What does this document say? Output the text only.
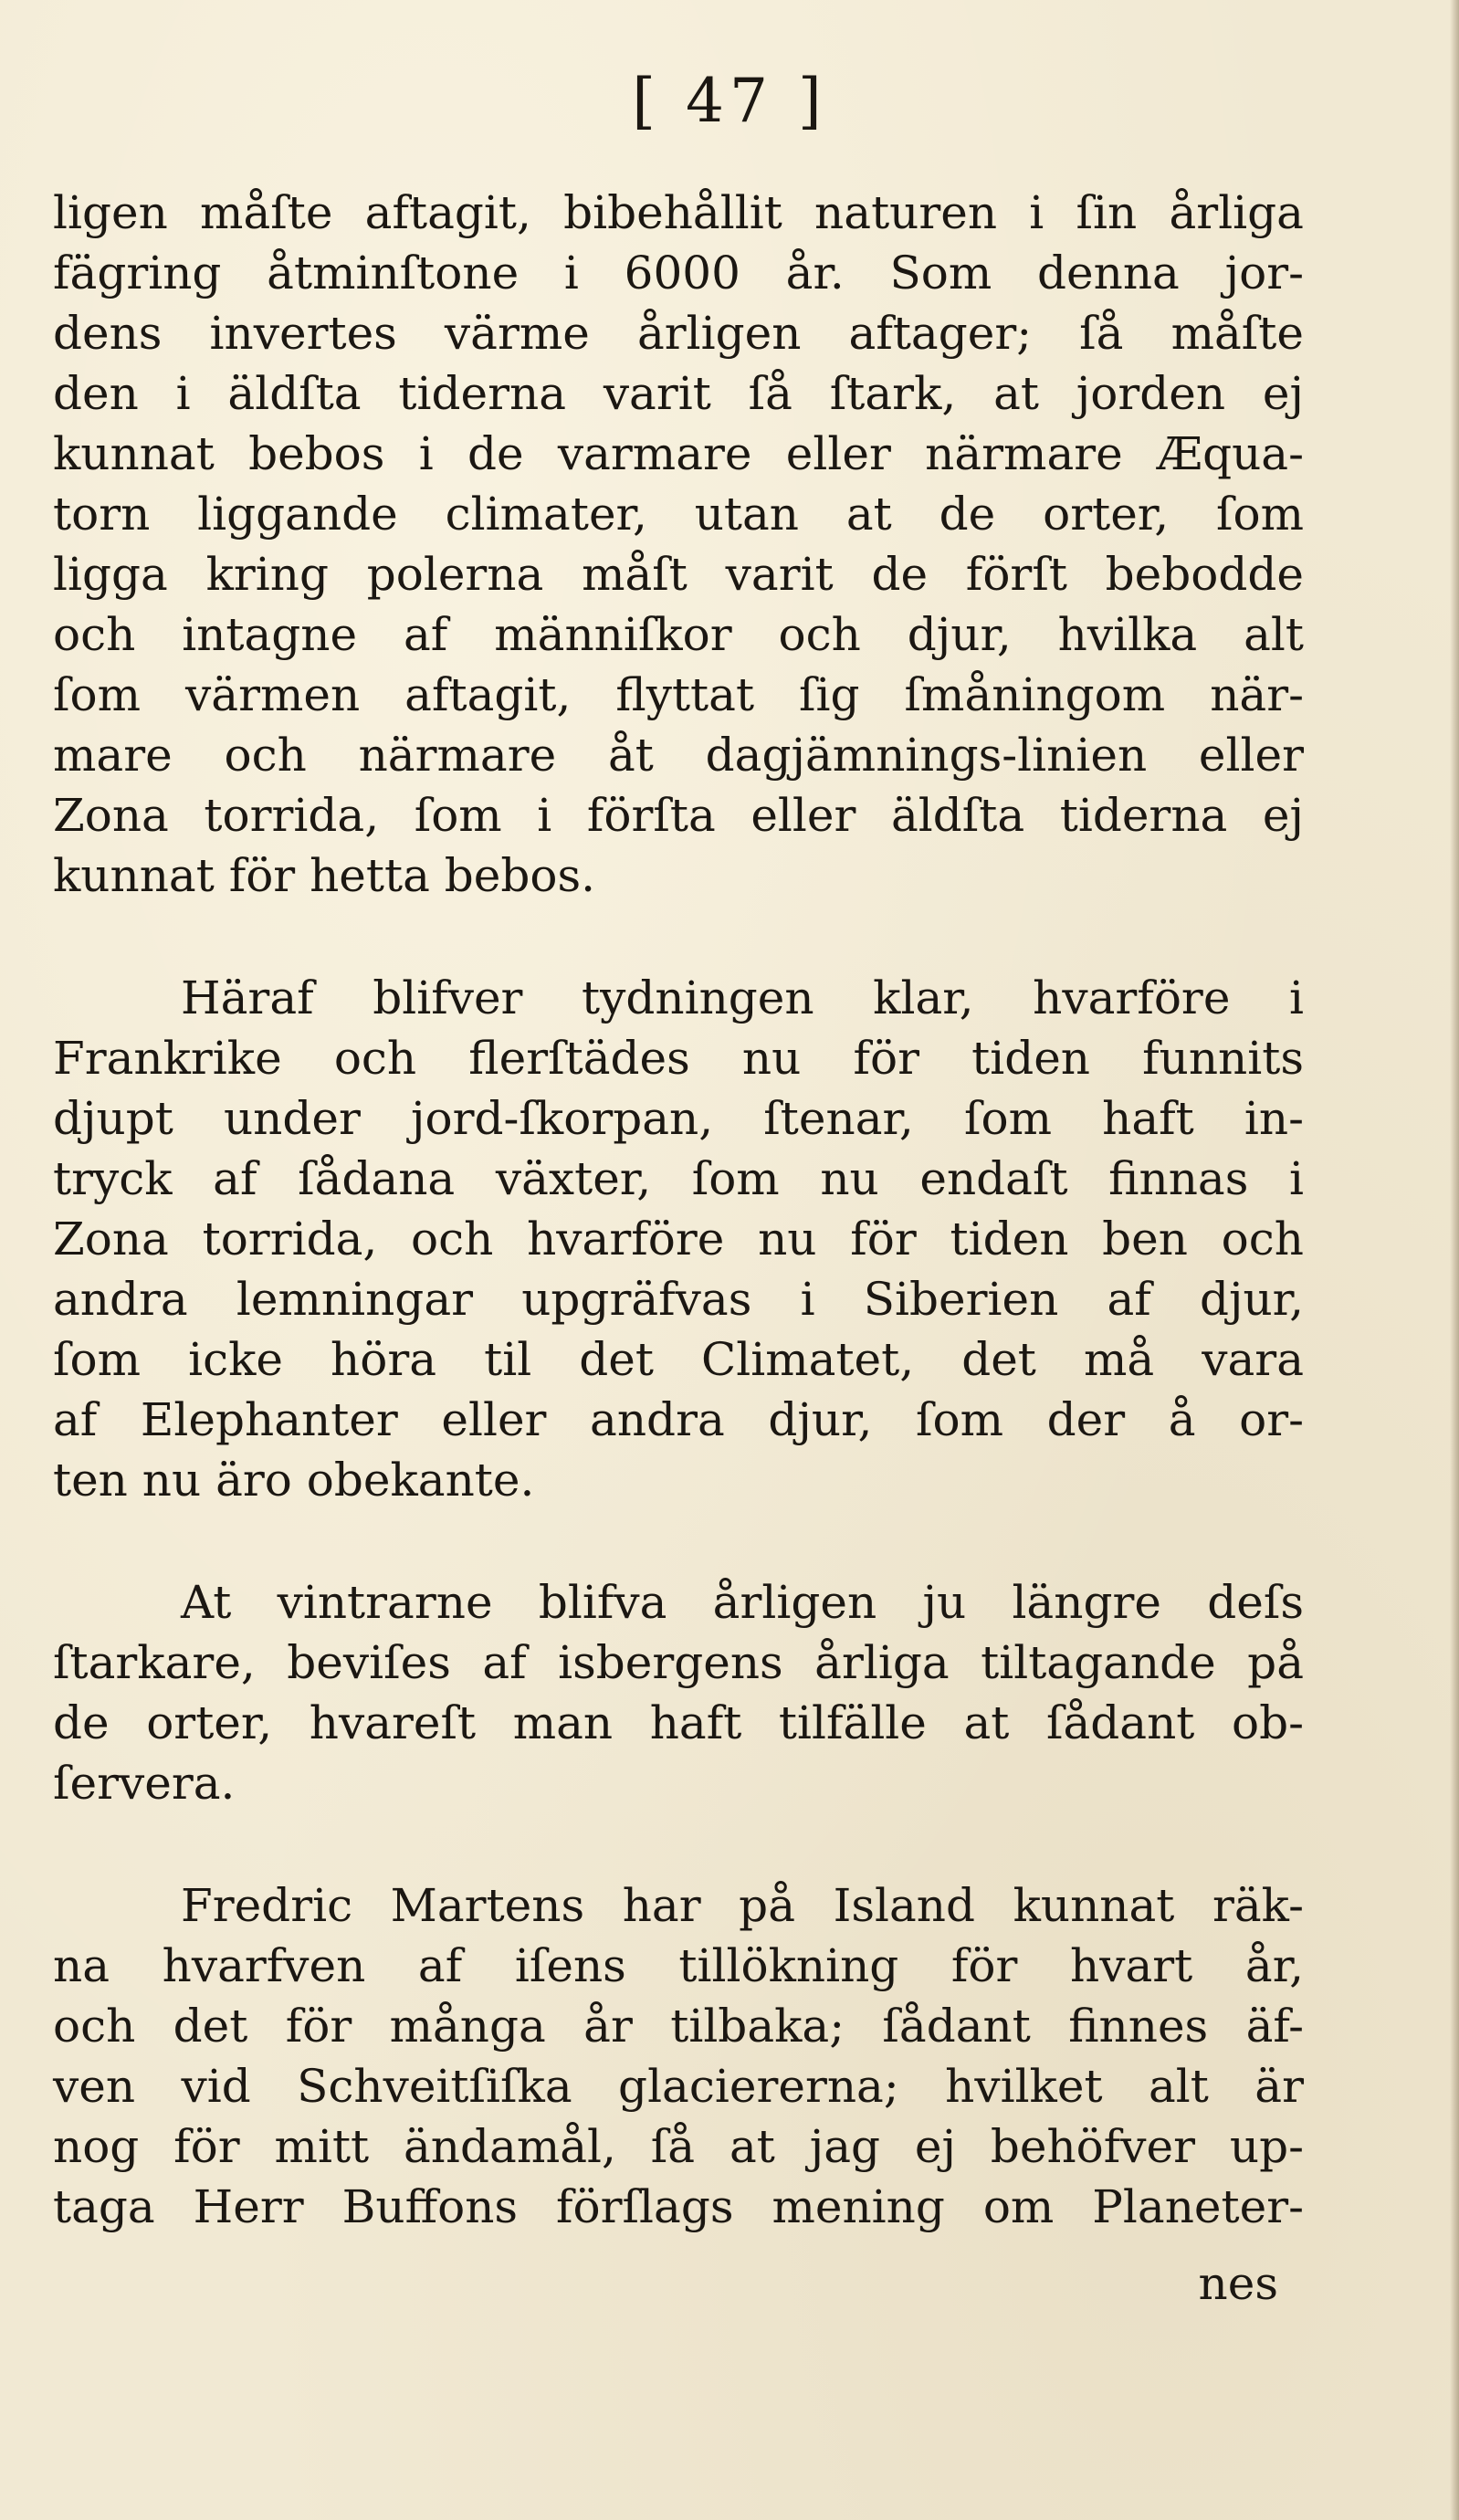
[ 47 ]
ligen måſte aftagit, bibehållit naturen i ſin årliga
fägring åtminſtone i 6000 år. Som denna jor-
dens invertes värme årligen aftager; ſå måſte
den i äldſta tiderna varit ſå ſtark, at jorden ej
kunnat bebos i de varmare eller närmare Æqua-
torn liggande climater, utan at de orter, ſom
ligga kring polerna måſt varit de förſt bebodde
och intagne af männiſkor och djur, hvilka alt
ſom värmen aftagit, flyttat ſig ſmåningom när-
mare och närmare åt dagjämnings-linien eller
Zona torrida, ſom i förſta eller äldſta tiderna ej
kunnat för hetta bebos.
Häraf blifver tydningen klar, hvarföre i
Frankrike och flerſtädes nu för tiden funnits
djupt under jord-ſkorpan, ſtenar, ſom haft in-
tryck af ſådana växter, ſom nu endaſt finnas i
Zona torrida, och hvarföre nu för tiden ben och
andra lemningar upgräfvas i Siberien af djur,
ſom icke höra til det Climatet, det må vara
af Elephanter eller andra djur, ſom der å or-
ten nu äro obekante.
At vintrarne blifva årligen ju längre deſs
ſtarkare, beviſes af isbergens årliga tiltagande på
de orter, hvareſt man haft tilfälle at ſådant ob-
ſervera.
Fredric Martens har på Island kunnat räk-
na hvarfven af iſens tillökning för hvart år,
och det för många år tilbaka; ſådant finnes äf-
ven vid Schveitſiſka glacierernа; hvilket alt är
nog för mitt ändamål, ſå at jag ej behöfver up-
taga Herr Buffons förſlags mening om Planeter-
nes
